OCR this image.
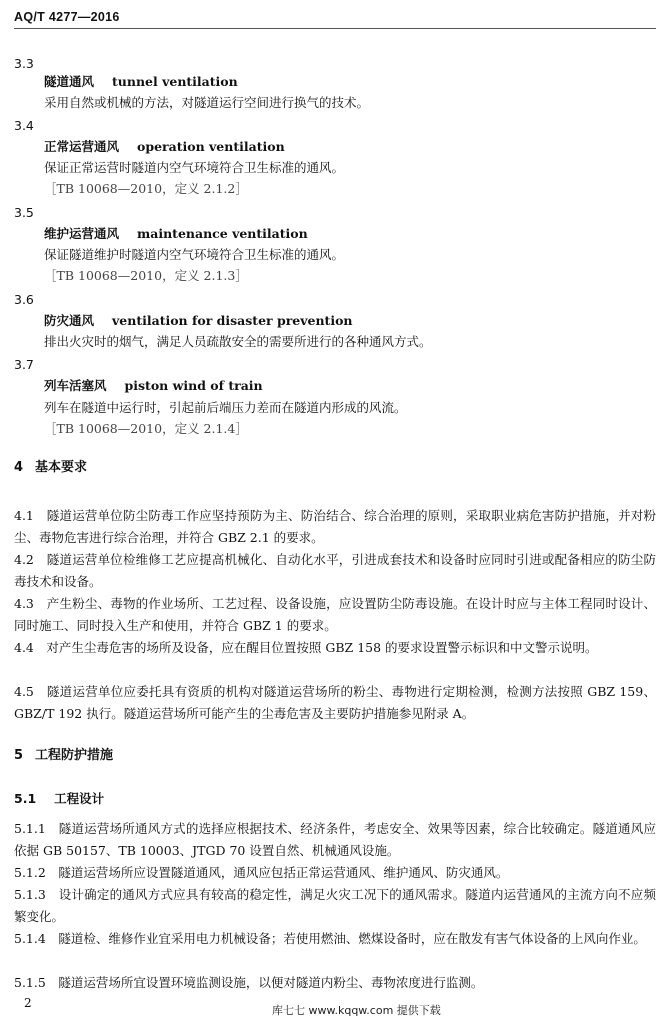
AQ/T 4277—2016
3.3
隧道通风 tunnel ventilation
采用自然或机械的方法，对隧道运行空间进行换气的技术。
3.4
正常运营通风 operation ventilation
保证正常运营时隧道内空气环境符合卫生标准的通风。
［TB 10068—2010，定义 2.1.2］
3.5
维护运营通风 maintenance ventilation
保证隧道维护时隧道内空气环境符合卫生标准的通风。
［TB 10068—2010，定义 2.1.3］
3.6
防灾通风 ventilation for disaster prevention
排出火灾时的烟气，满足人员疏散安全的需要所进行的各种通风方式。
3.7
列车活塞风 piston wind of train
列车在隧道中运行时，引起前后端压力差而在隧道内形成的风流。
［TB 10068—2010，定义 2.1.4］
4 基本要求
4.1　 隧道运营单位防尘防毒工作应坚持预防为主、防治结合、综合治理的原则，采取职业病危害防护措施，并对粉尘、毒物危害进行综合治理，并符合 GBZ 2.1 的要求。
4.2　 隧道运营单位检维修工艺应提高机械化、自动化水平，引进成套技术和设备时应同时引进或配备相应的防尘防毒技术和设备。
4.3　 产生粉尘、毒物的作业场所、工艺过程、设备设施，应设置防尘防毒设施。在设计时应与主体工程同时设计、同时施工、同时投入生产和使用，并符合 GBZ 1 的要求。
4.4　 对产生尘毒危害的场所及设备，应在醒目位置按照 GBZ 158 的要求设置警示标识和中文警示说明。
4.5　 隧道运营单位应委托具有资质的机构对隧道运营场所的粉尘、毒物进行定期检测，检测方法按照 GBZ 159、GBZ/T 192 执行。隧道运营场所可能产生的尘毒危害及主要防护措施参见附录 A。
5 工程防护措施
5.1 工程设计
5.1.1　 隧道运营场所通风方式的选择应根据技术、经济条件，考虑安全、效果等因素，综合比较确定。隧道通风应依据 GB 50157、TB 10003、JTGD 70 设置自然、机械通风设施。
5.1.2　 隧道运营场所应设置隧道通风，通风应包括正常运营通风、维护通风、防灾通风。
5.1.3　 设计确定的通风方式应具有较高的稳定性，满足火灾工况下的通风需求。隧道内运营通风的主流方向不应频繁变化。
5.1.4　 隧道检、维修作业宜采用电力机械设备；若使用燃油、燃煤设备时，应在散发有害气体设备的上风向作业。
5.1.5　 隧道运营场所宜设置环境监测设施，以便对隧道内粉尘、毒物浓度进行监测。
2
库七七 www.kqqw.com 提供下载
